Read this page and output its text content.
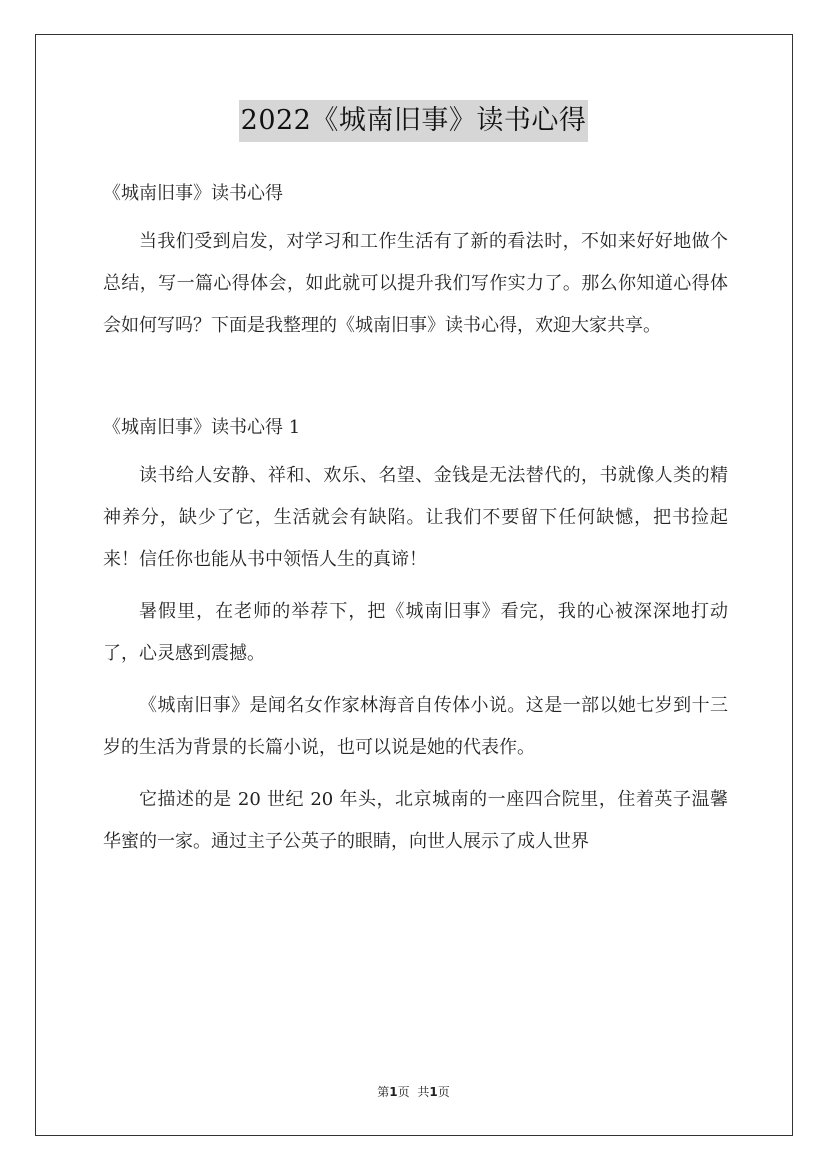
2022《城南旧事》读书心得

《城南旧事》读书心得

当我们受到启发，对学习和工作生活有了新的看法时，不如来好好地做个总结，写一篇心得体会，如此就可以提升我们写作实力了。那么你知道心得体会如何写吗？下面是我整理的《城南旧事》读书心得，欢迎大家共享。

《城南旧事》读书心得 1

读书给人安静、祥和、欢乐、名望、金钱是无法替代的，书就像人类的精神养分，缺少了它，生活就会有缺陷。让我们不要留下任何缺憾，把书捡起来！信任你也能从书中领悟人生的真谛！

暑假里，在老师的举荐下，把《城南旧事》看完，我的心被深深地打动了，心灵感到震撼。

《城南旧事》是闻名女作家林海音自传体小说。这是一部以她七岁到十三岁的生活为背景的长篇小说，也可以说是她的代表作。

它描述的是 20 世纪 20 年头，北京城南的一座四合院里，住着英子温馨华蜜的一家。通过主子公英子的眼睛，向世人展示了成人世界

第1页 共1页
